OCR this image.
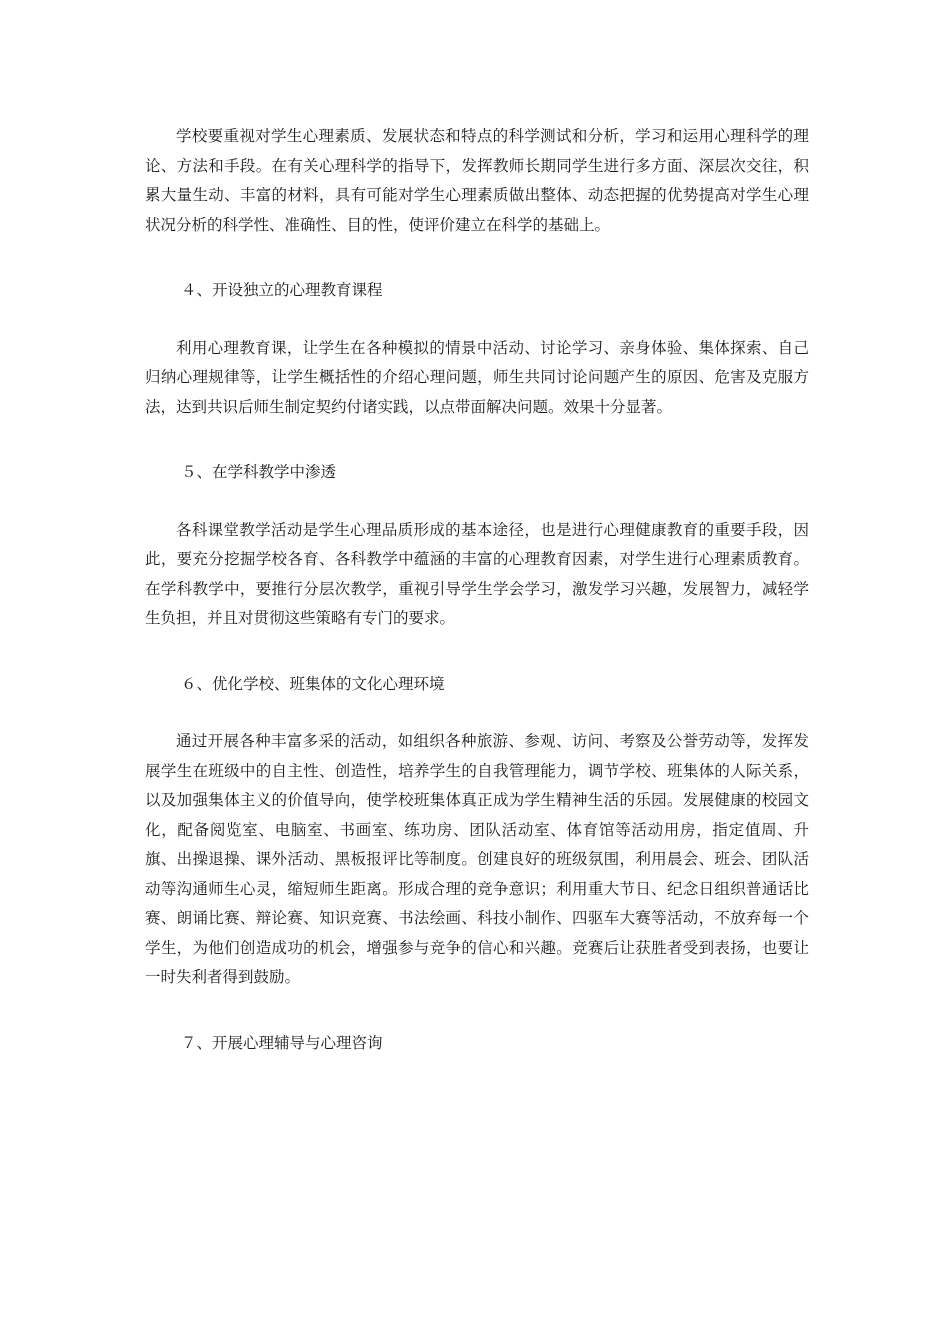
学校要重视对学生心理素质、发展状态和特点的科学测试和分析，学习和运用心理科学的理论、方法和手段。在有关心理科学的指导下，发挥教师长期同学生进行多方面、深层次交往，积累大量生动、丰富的材料，具有可能对学生心理素质做出整体、动态把握的优势提高对学生心理状况分析的科学性、准确性、目的性，使评价建立在科学的基础上。

４、开设独立的心理教育课程

利用心理教育课，让学生在各种模拟的情景中活动、讨论学习、亲身体验、集体探索、自己归纳心理规律等，让学生概括性的介绍心理问题，师生共同讨论问题产生的原因、危害及克服方法，达到共识后师生制定契约付诸实践，以点带面解决问题。效果十分显著。

５、在学科教学中渗透

各科课堂教学活动是学生心理品质形成的基本途径，也是进行心理健康教育的重要手段，因此，要充分挖掘学校各育、各科教学中蕴涵的丰富的心理教育因素，对学生进行心理素质教育。在学科教学中，要推行分层次教学，重视引导学生学会学习，激发学习兴趣，发展智力，减轻学生负担，并且对贯彻这些策略有专门的要求。

６、优化学校、班集体的文化心理环境

通过开展各种丰富多采的活动，如组织各种旅游、参观、访问、考察及公誉劳动等，发挥发展学生在班级中的自主性、创造性，培养学生的自我管理能力，调节学校、班集体的人际关系，以及加强集体主义的价值导向，使学校班集体真正成为学生精神生活的乐园。发展健康的校园文化，配备阅览室、电脑室、书画室、练功房、团队活动室、体育馆等活动用房，指定值周、升旗、出操退操、课外活动、黑板报评比等制度。创建良好的班级氛围，利用晨会、班会、团队活动等沟通师生心灵，缩短师生距离。形成合理的竞争意识；利用重大节日、纪念日组织普通话比赛、朗诵比赛、辩论赛、知识竞赛、书法绘画、科技小制作、四驱车大赛等活动，不放弃每一个学生，为他们创造成功的机会，增强参与竞争的信心和兴趣。竞赛后让获胜者受到表扬，也要让一时失利者得到鼓励。

７、开展心理辅导与心理咨询
